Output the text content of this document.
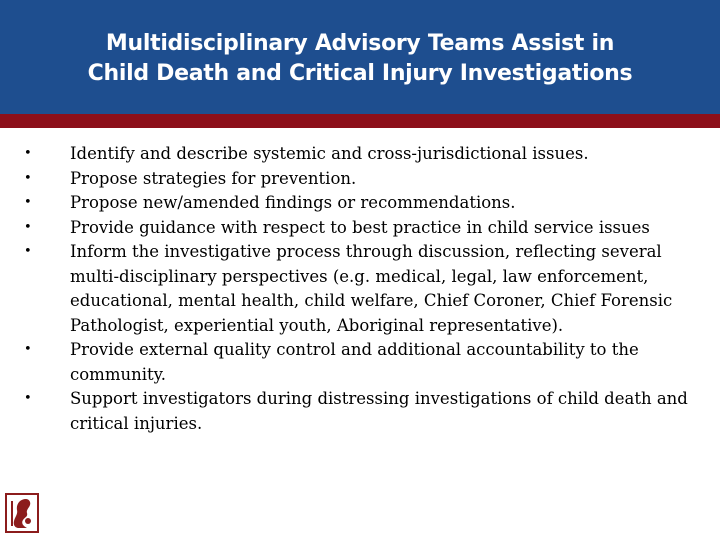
Multidisciplinary Advisory Teams Assist in
Child Death and Critical Injury Investigations
• Identify and describe systemic and cross-jurisdictional issues.
• Propose strategies for prevention.
• Propose new/amended findings or recommendations.
• Provide guidance with respect to best practice in child service issues
• Inform the investigative process through discussion, reflecting several multi-disciplinary perspectives (e.g. medical, legal, law enforcement, educational, mental health, child welfare, Chief Coroner, Chief Forensic Pathologist, experiential youth, Aboriginal representative).
• Provide external quality control and additional accountability to the community.
• Support investigators during distressing investigations of child death and critical injuries.
